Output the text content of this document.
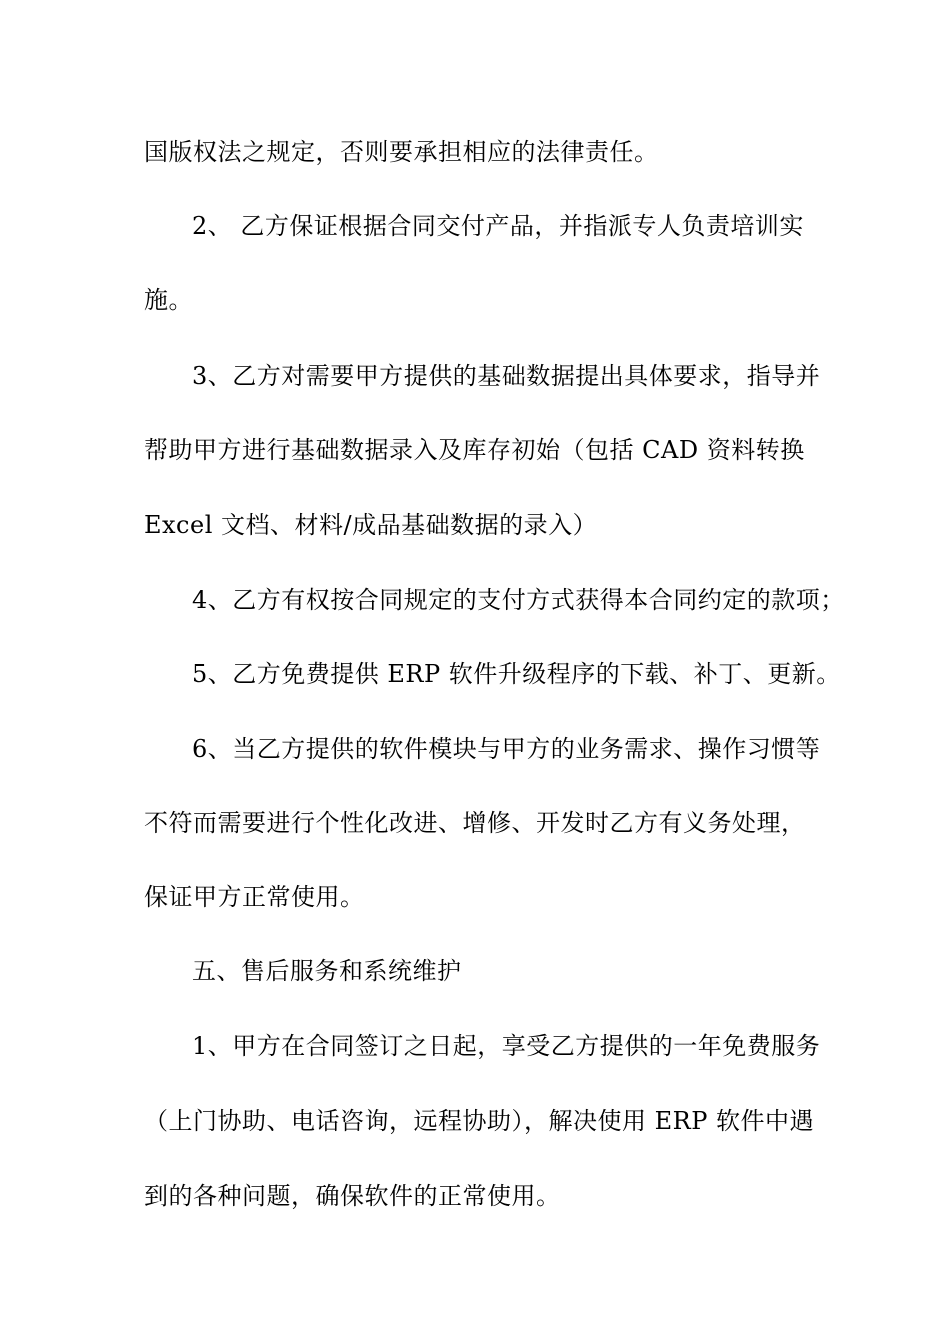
国版权法之规定，否则要承担相应的法律责任。
2、 乙方保证根据合同交付产品，并指派专人负责培训实
施。
3、乙方对需要甲方提供的基础数据提出具体要求，指导并
帮助甲方进行基础数据录入及库存初始（包括 CAD 资料转换
Excel 文档、材料/成品基础数据的录入）
4、乙方有权按合同规定的支付方式获得本合同约定的款项；
5、乙方免费提供 ERP 软件升级程序的下载、补丁、更新。
6、当乙方提供的软件模块与甲方的业务需求、操作习惯等
不符而需要进行个性化改进、增修、开发时乙方有义务处理，
保证甲方正常使用。
五、售后服务和系统维护
1、甲方在合同签订之日起，享受乙方提供的一年免费服务
（上门协助、电话咨询，远程协助），解决使用 ERP 软件中遇
到的各种问题，确保软件的正常使用。
